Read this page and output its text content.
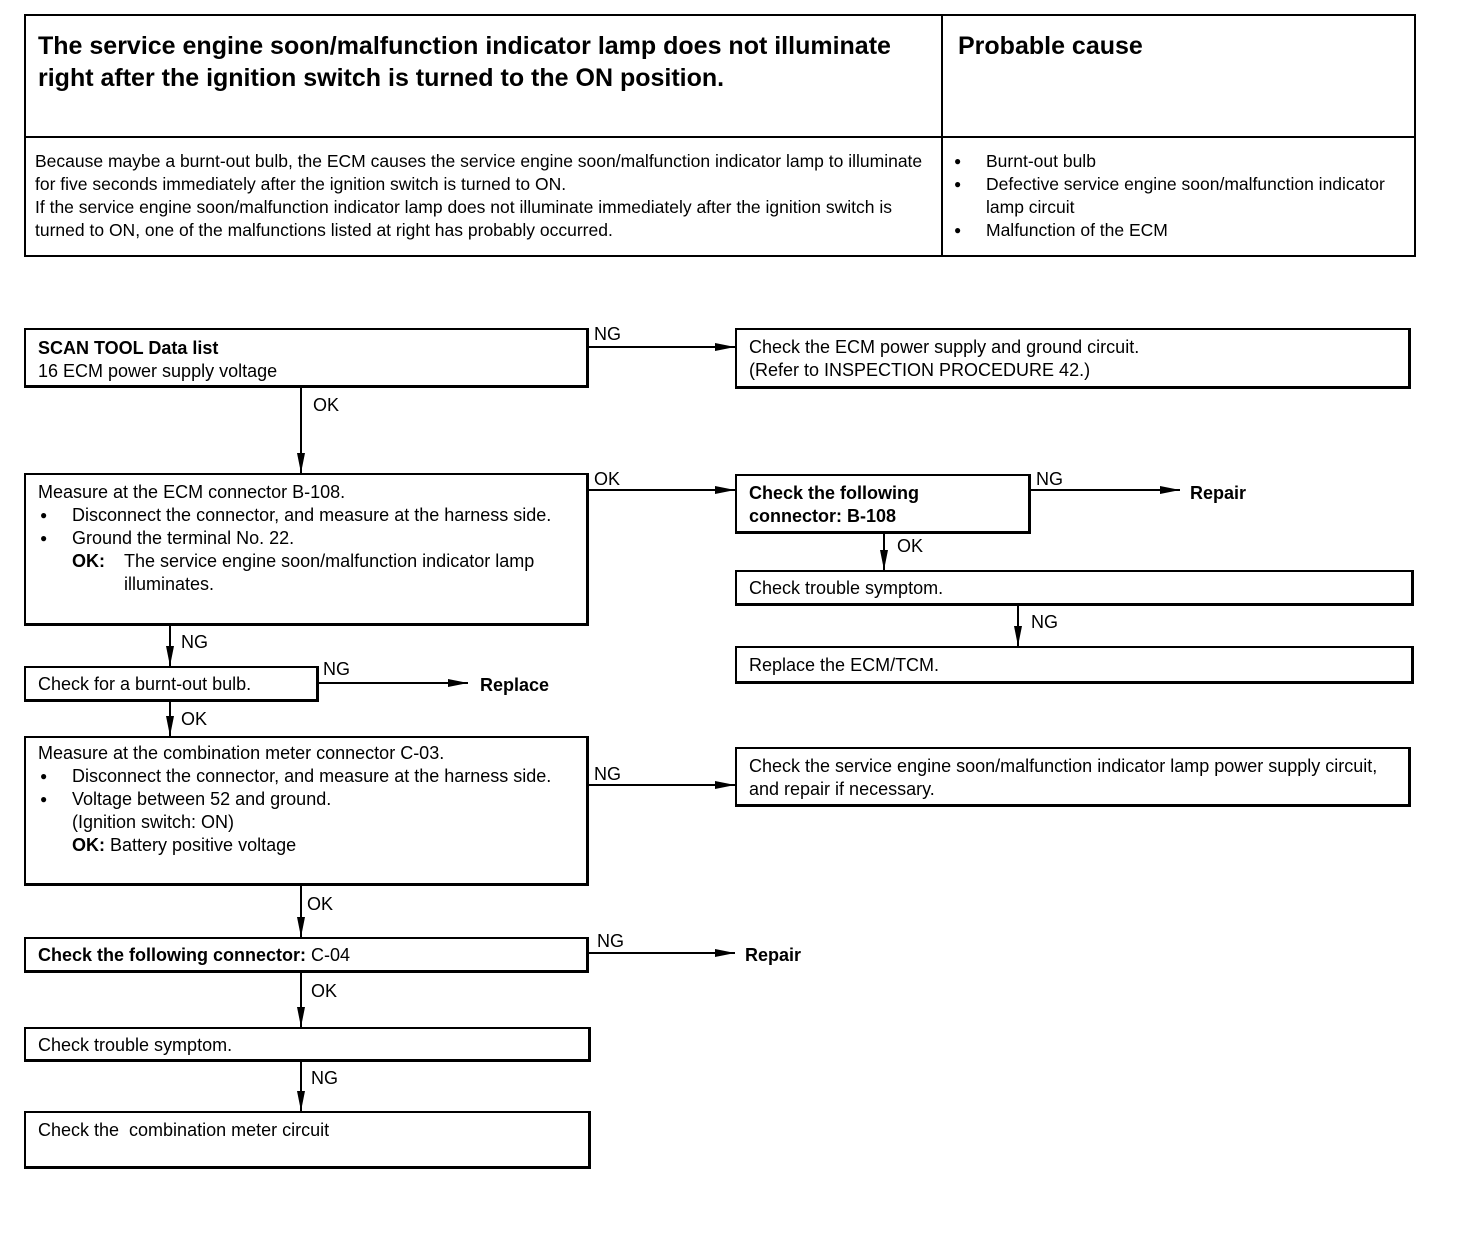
The service engine soon/malfunction indicator lamp does not illuminate right after the ignition switch is turned to the ON position.
Probable cause
Because maybe a burnt-out bulb, the ECM causes the service engine soon/malfunction indicator lamp to illuminate for five seconds immediately after the ignition switch is turned to ON.
If the service engine soon/malfunction indicator lamp does not illuminate immediately after the ignition switch is turned to ON, one of the malfunctions listed at right has probably occurred.
● Burnt-out bulb
● Defective service engine soon/malfunction indicator lamp circuit
● Malfunction of the ECM
SCAN TOOL Data list
16 ECM power supply voltage
Check the ECM power supply and ground circuit.
(Refer to INSPECTION PROCEDURE 42.)
Measure at the ECM connector B-108.
● Disconnect the connector, and measure at the harness side.
● Ground the terminal No. 22.
OK:	The service engine soon/malfunction indicator lamp illuminates.
Check the following connector: B-108
Check trouble symptom.
Replace the ECM/TCM.
Check for a burnt-out bulb.
Measure at the combination meter connector C-03.
● Disconnect the connector, and measure at the harness side.
● Voltage between 52 and ground.
(Ignition switch: ON)
OK: Battery positive voltage
Check the service engine soon/malfunction indicator lamp power supply circuit, and repair if necessary.
Check the following connector: C-04
Check trouble symptom.
Check the  combination meter circuit
NG
OK
OK	NG
Repair
OK
NG
NG
NG
Replace
OK
NG
OK
NG
Repair
OK
NG
